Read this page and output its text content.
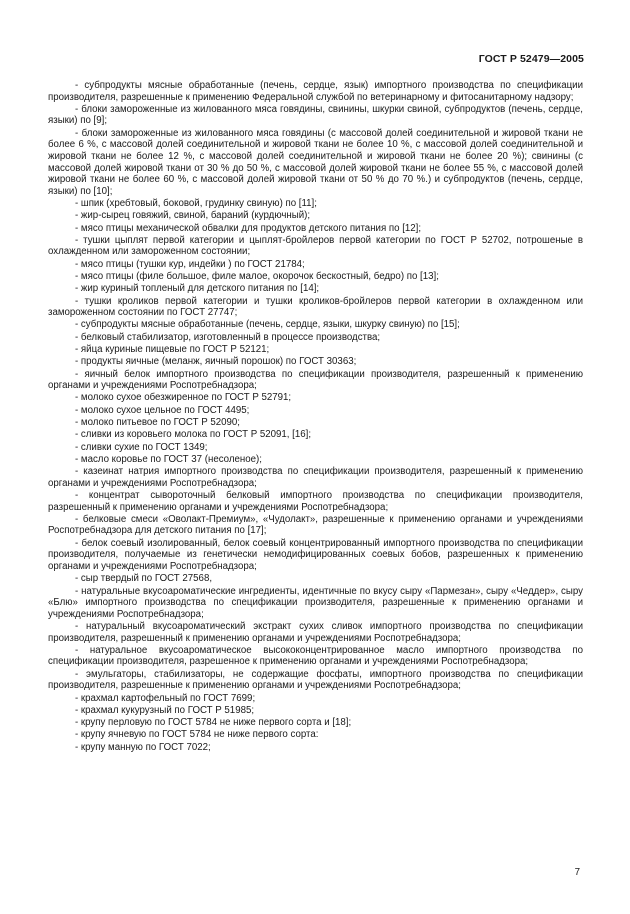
ГОСТ Р 52479—2005

- субпродукты мясные обработанные (печень, сердце, язык) импортного производства по спецификации производителя, разрешенные к применению Федеральной службой по ветеринарному и фитосанитарному надзору;

- блоки замороженные из жилованного мяса говядины, свинины, шкурки свиной, субпродуктов (печень, сердце, языки) по [9];

- блоки замороженные из жилованного мяса говядины (с массовой долей соединительной и жировой ткани не более 6 %, с массовой долей соединительной и жировой ткани не более 10 %, с массовой долей соединительной и жировой ткани не более 12 %, с массовой долей соединительной и жировой ткани не более 20 %); свинины (с массовой долей жировой ткани от 30 % до 50 %, с массовой долей жировой ткани не более 55 %, с массовой долей жировой ткани не более 60 %, с массовой долей жировой ткани от 50 % до 70 %.) и субпродуктов (печень, сердце, языки) по [10];

- шпик (хребтовый, боковой, грудинку свиную) по [11];

- жир-сырец говяжий, свиной, бараний (курдючный);

- мясо птицы механической обвалки для продуктов детского питания по [12];

- тушки цыплят первой категории и цыплят-бройлеров первой категории по ГОСТ Р 52702, потрошеные в охлажденном или замороженном состоянии;

- мясо птицы (тушки кур, индейки ) по ГОСТ 21784;

- мясо птицы (филе большое, филе малое, окорочок бескостный, бедро) по [13];

- жир куриный топленый для детского питания по [14];

- тушки кроликов первой категории и тушки кроликов-бройлеров первой категории в охлажденном или замороженном состоянии по ГОСТ 27747;

- субпродукты мясные обработанные (печень, сердце, языки, шкурку свиную) по [15];

- белковый стабилизатор, изготовленный в процессе производства;

- яйца куриные пищевые по ГОСТ Р 52121;

- продукты яичные (меланж, яичный порошок) по ГОСТ 30363;

- яичный белок импортного производства по спецификации производителя, разрешенный к применению органами и учреждениями Роспотребнадзора;

- молоко сухое обезжиренное по ГОСТ Р 52791;

- молоко сухое цельное по ГОСТ 4495;

- молоко питьевое по ГОСТ Р 52090;

- сливки из коровьего молока по ГОСТ Р 52091, [16];

- сливки сухие по ГОСТ 1349;

- масло коровье по ГОСТ 37 (несоленое);

- казеинат натрия импортного производства по спецификации производителя, разрешенный к применению органами и учреждениями Роспотребнадзора;

- концентрат сывороточный белковый импортного производства по спецификации производителя, разрешенный к применению органами и учреждениями Роспотребнадзора;

- белковые смеси «Оволакт-Премиум», «Чудолакт», разрешенные к применению органами и учреждениями Роспотребнадзора для детского питания по [17];

- белок соевый изолированный, белок соевый концентрированный импортного производства по спецификации производителя, получаемые из генетически немодифицированных соевых бобов, разрешенных к применению органами и учреждениями Роспотребнадзора;

- сыр твердый по ГОСТ 27568,

- натуральные вкусоароматические ингредиенты, идентичные по вкусу сыру «Пармезан», сыру «Чеддер», сыру «Блю» импортного производства по спецификации производителя, разрешенные к применению органами и учреждениями Роспотребнадзора;

- натуральный вкусоароматический экстракт сухих сливок импортного производства по спецификации производителя, разрешенный к применению органами и учреждениями Роспотребнадзора;

- натуральное вкусоароматическое высококонцентрированное масло импортного производства по спецификации производителя, разрешенное к применению органами и учреждениями Роспотребнадзора;

- эмульгаторы, стабилизаторы, не содержащие фосфаты, импортного производства по спецификации производителя, разрешенные к применению органами и учреждениями Роспотребнадзора;

- крахмал картофельный по ГОСТ 7699;

- крахмал кукурузный по ГОСТ Р 51985;

- крупу перловую по ГОСТ 5784 не ниже первого сорта и [18];

- крупу ячневую по ГОСТ 5784 не ниже первого сорта:

- крупу манную по ГОСТ 7022;

7
